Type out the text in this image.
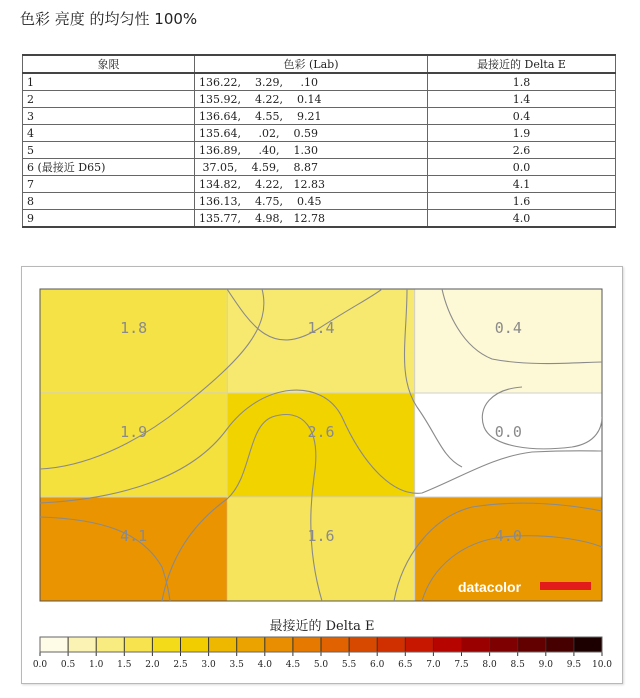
色彩 亮度 的均匀性 100%
象限	色彩 (Lab)	最接近的 Delta E
1	136.22,    3.29,     .10	1.8
2	135.92,    4.22,    0.14	1.4
3	136.64,    4.55,    9.21	0.4
4	135.64,     .02,    0.59	1.9
5	136.89,     .40,    1.30	2.6
6 (最接近 D65)	37.05,    4.59,    8.87	0.0
7	134.82,    4.22,   12.83	4.1
8	136.13,    4.75,    0.45	1.6
9	135.77,    4.98,   12.78	4.0
1.8	1.4	0.4
1.9	2.6	0.0
4.1	1.6	4.0
datacolor
最接近的 Delta E
0.0 0.5 1.0 1.5 2.0 2.5 3.0 3.5 4.0 4.5 5.0 5.5 6.0 6.5 7.0 7.5 8.0 8.5 9.0 9.5 10.0
